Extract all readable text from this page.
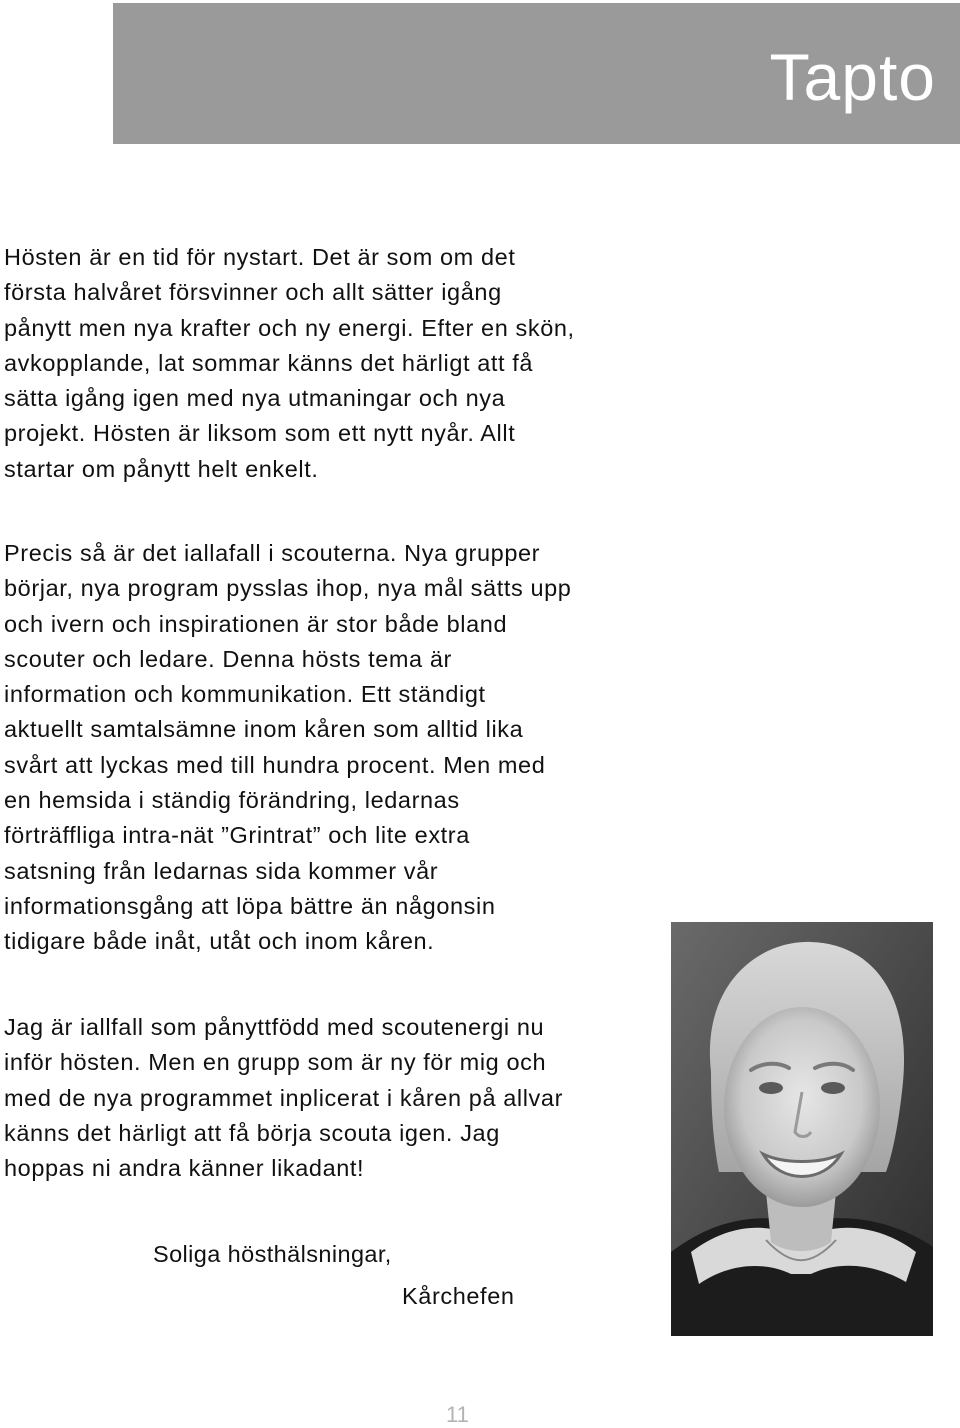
Tapto
Hösten är en tid för nystart. Det är som om det
första halvåret försvinner och allt sätter igång
pånytt men nya krafter och ny energi. Efter en skön,
avkopplande, lat sommar känns det härligt att få
sätta igång igen med nya utmaningar och nya
projekt. Hösten är liksom som ett nytt nyår. Allt
startar om pånytt helt enkelt.
Precis så är det iallafall i scouterna. Nya grupper
börjar, nya program pysslas ihop, nya mål sätts upp
och ivern och inspirationen är stor både bland
scouter och ledare. Denna hösts tema är
information och kommunikation. Ett ständigt
aktuellt samtalsämne inom kåren som alltid lika
svårt att lyckas med till hundra procent. Men med
en hemsida i ständig förändring, ledarnas
förträffliga intra-nät ”Grintrat” och lite extra
satsning från ledarnas sida kommer vår
informationsgång att löpa bättre än någonsin
tidigare både inåt, utåt och inom kåren.
Jag är iallfall som pånyttfödd med scoutenergi nu
inför hösten. Men en grupp som är ny för mig och
med de nya programmet inplicerat i kåren på allvar
känns det härligt att få börja scouta igen. Jag
hoppas ni andra känner likadant!
Soliga hösthälsningar,
Kårchefen
11
